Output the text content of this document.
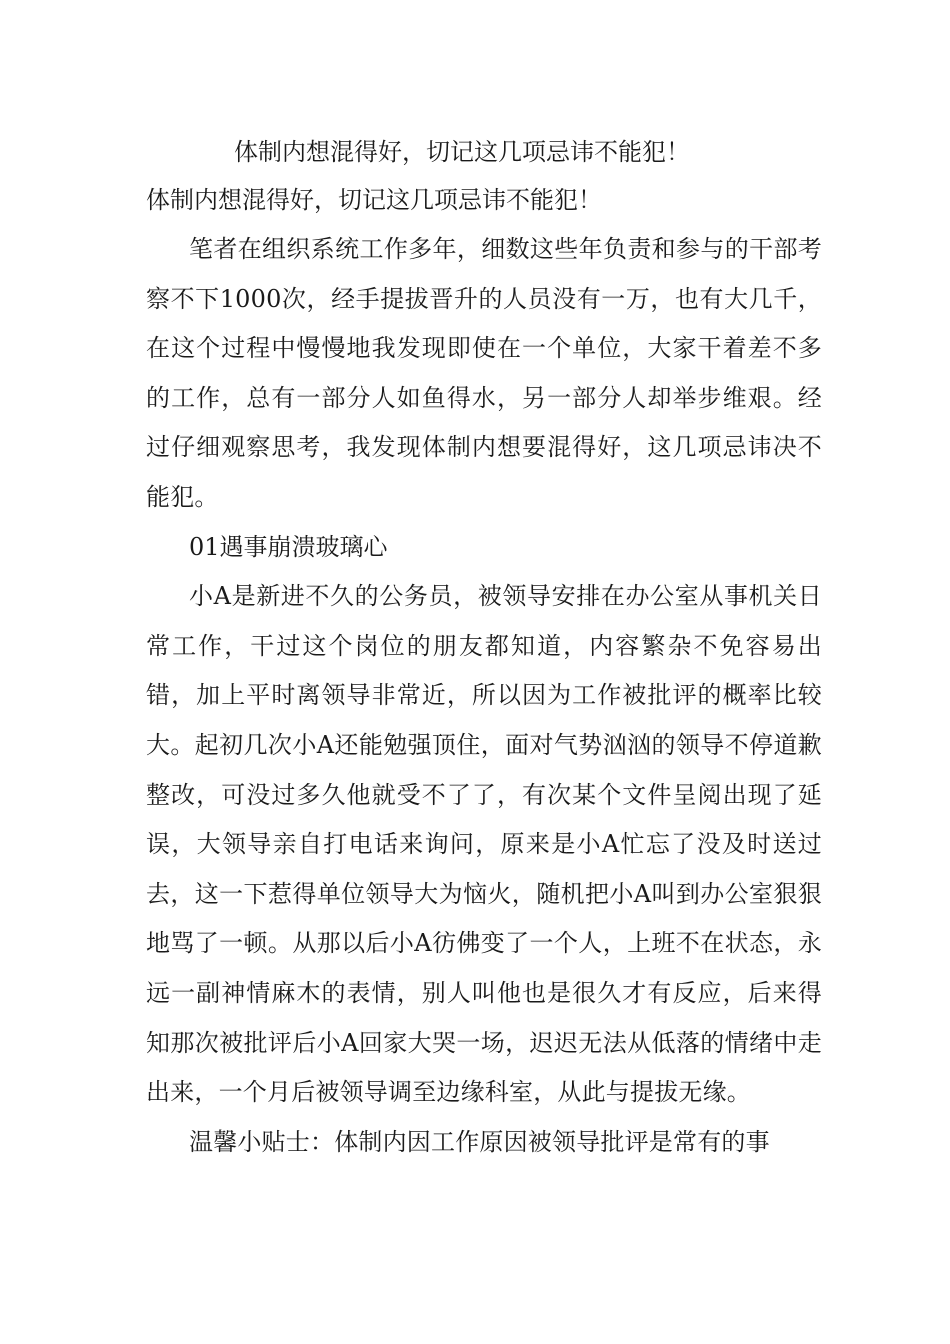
体制内想混得好，切记这几项忌讳不能犯！

体制内想混得好，切记这几项忌讳不能犯！

笔者在组织系统工作多年，细数这些年负责和参与的干部考察不下1000次，经手提拔晋升的人员没有一万，也有大几千，在这个过程中慢慢地我发现即使在一个单位，大家干着差不多的工作，总有一部分人如鱼得水，另一部分人却举步维艰。经过仔细观察思考，我发现体制内想要混得好，这几项忌讳决不能犯。

01遇事崩溃玻璃心

小A是新进不久的公务员，被领导安排在办公室从事机关日常工作，干过这个岗位的朋友都知道，内容繁杂不免容易出错，加上平时离领导非常近，所以因为工作被批评的概率比较大。起初几次小A还能勉强顶住，面对气势汹汹的领导不停道歉整改，可没过多久他就受不了了，有次某个文件呈阅出现了延误，大领导亲自打电话来询问，原来是小A忙忘了没及时送过去，这一下惹得单位领导大为恼火，随机把小A叫到办公室狠狠地骂了一顿。从那以后小A彷佛变了一个人，上班不在状态，永远一副神情麻木的表情，别人叫他也是很久才有反应，后来得知那次被批评后小A回家大哭一场，迟迟无法从低落的情绪中走出来，一个月后被领导调至边缘科室，从此与提拔无缘。

温馨小贴士：体制内因工作原因被领导批评是常有的事
